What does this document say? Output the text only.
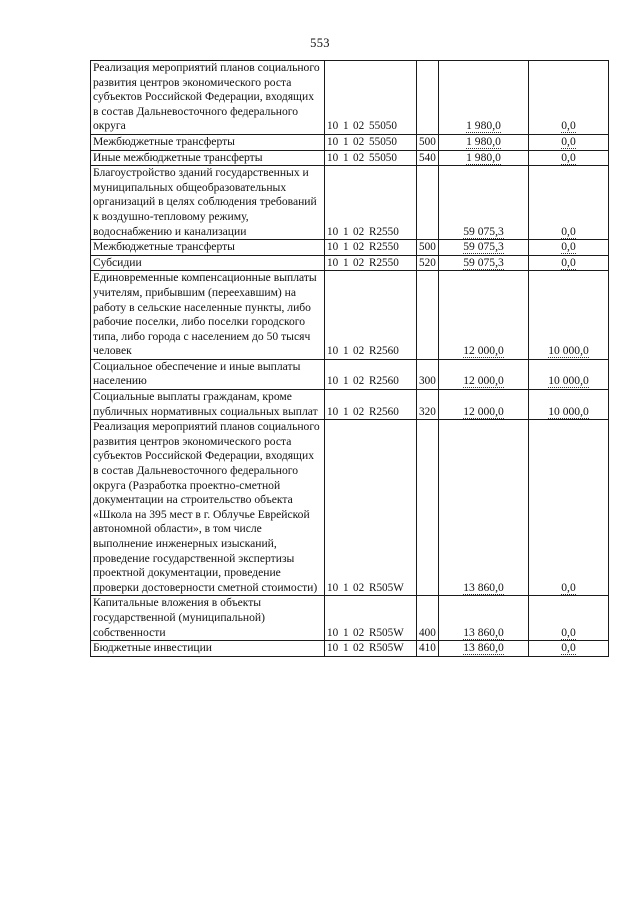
553
Реализация мероприятий планов социального развития центров экономического роста субъектов Российской Федерации, входящих в состав Дальневосточного федерального округа	10 1 02 55050		1 980,0	0,0
Межбюджетные трансферты	10 1 02 55050	500	1 980,0	0,0
Иные межбюджетные трансферты	10 1 02 55050	540	1 980,0	0,0
Благоустройство зданий государственных и муниципальных общеобразовательных организаций в целях соблюдения требований к воздушно-тепловому режиму, водоснабжению и канализации	10 1 02 R2550		59 075,3	0,0
Межбюджетные трансферты	10 1 02 R2550	500	59 075,3	0,0
Субсидии	10 1 02 R2550	520	59 075,3	0,0
Единовременные компенсационные выплаты учителям, прибывшим (переехавшим) на работу в сельские населенные пункты, либо рабочие поселки, либо поселки городского типа, либо города с населением до 50 тысяч человек	10 1 02 R2560		12 000,0	10 000,0
Социальное обеспечение и иные выплаты населению	10 1 02 R2560	300	12 000,0	10 000,0
Социальные выплаты гражданам, кроме публичных нормативных социальных выплат	10 1 02 R2560	320	12 000,0	10 000,0
Реализация мероприятий планов социального развития центров экономического роста субъектов Российской Федерации, входящих в состав Дальневосточного федерального округа (Разработка проектно-сметной документации на строительство объекта «Школа на 395 мест в г. Облучье Еврейской автономной области», в том числе выполнение инженерных изысканий, проведение государственной экспертизы проектной документации, проведение проверки достоверности сметной стоимости)	10 1 02 R505W		13 860,0	0,0
Капитальные вложения в объекты государственной (муниципальной) собственности	10 1 02 R505W	400	13 860,0	0,0
Бюджетные инвестиции	10 1 02 R505W	410	13 860,0	0,0
